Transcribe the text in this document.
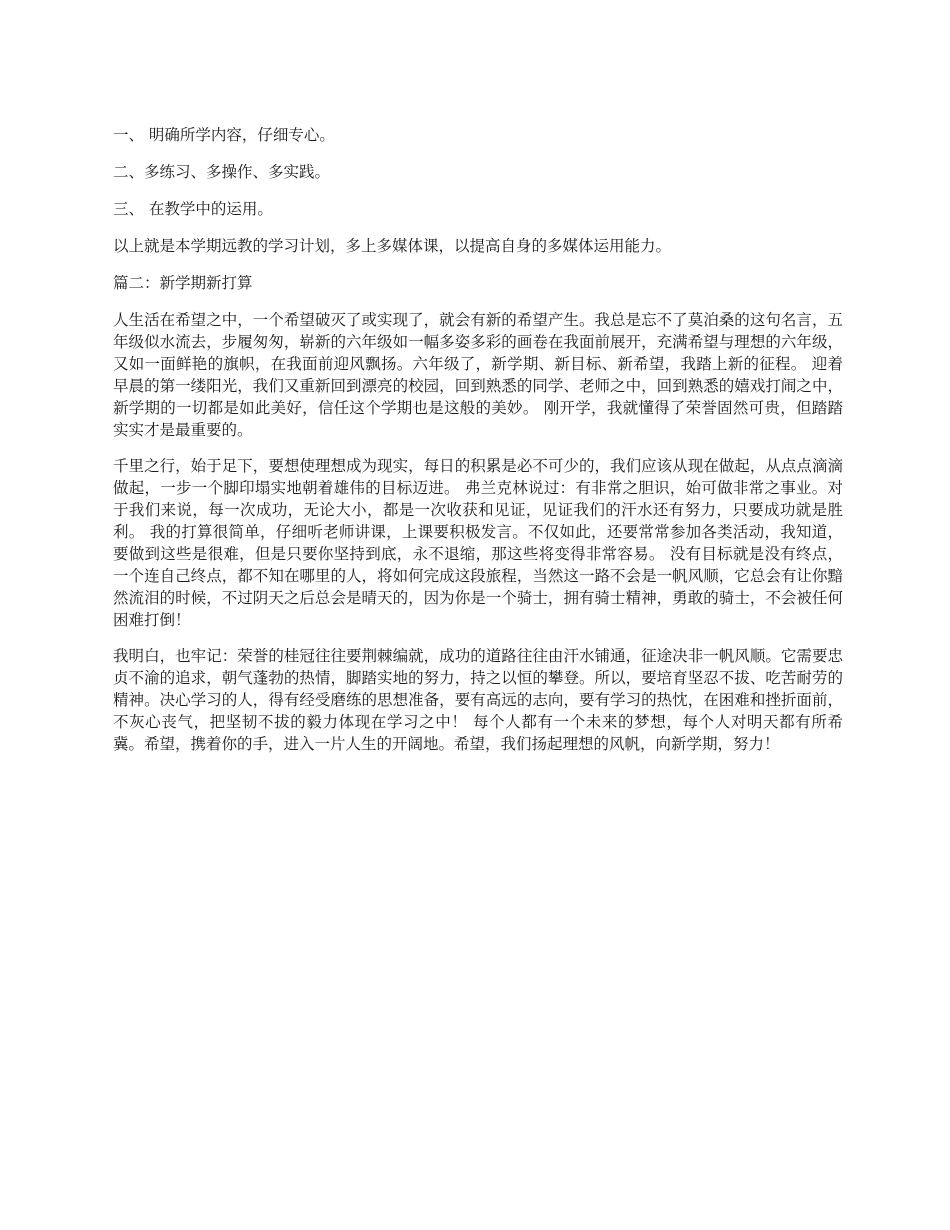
一、 明确所学内容，仔细专心。

二、多练习、多操作、多实践。

三、 在教学中的运用。

以上就是本学期远教的学习计划，多上多媒体课，以提高自身的多媒体运用能力。

篇二：新学期新打算

人生活在希望之中，一个希望破灭了或实现了，就会有新的希望产生。我总是忘不了莫泊桑的这句名言，五年级似水流去，步履匆匆，崭新的六年级如一幅多姿多彩的画卷在我面前展开，充满希望与理想的六年级，又如一面鲜艳的旗帜，在我面前迎风飘扬。六年级了，新学期、新目标、新希望，我踏上新的征程。 迎着早晨的第一缕阳光，我们又重新回到漂亮的校园，回到熟悉的同学、老师之中，回到熟悉的嬉戏打闹之中，新学期的一切都是如此美好，信任这个学期也是这般的美妙。 刚开学，我就懂得了荣誉固然可贵，但踏踏实实才是最重要的。

千里之行，始于足下，要想使理想成为现实，每日的积累是必不可少的，我们应该从现在做起，从点点滴滴做起，一步一个脚印塌实地朝着雄伟的目标迈进。 弗兰克林说过：有非常之胆识，始可做非常之事业。对于我们来说，每一次成功，无论大小，都是一次收获和见证，见证我们的汗水还有努力，只要成功就是胜利。 我的打算很简单，仔细听老师讲课，上课要积极发言。不仅如此，还要常常参加各类活动，我知道，要做到这些是很难，但是只要你坚持到底，永不退缩，那这些将变得非常容易。 没有目标就是没有终点，一个连自己终点，都不知在哪里的人，将如何完成这段旅程，当然这一路不会是一帆风顺，它总会有让你黯然流泪的时候，不过阴天之后总会是晴天的，因为你是一个骑士，拥有骑士精神，勇敢的骑士，不会被任何困难打倒！

我明白，也牢记：荣誉的桂冠往往要荆棘编就，成功的道路往往由汗水铺通，征途决非一帆风顺。它需要忠贞不渝的追求，朝气蓬勃的热情，脚踏实地的努力，持之以恒的攀登。所以，要培育坚忍不拔、吃苦耐劳的精神。决心学习的人，得有经受磨练的思想准备，要有高远的志向，要有学习的热忱，在困难和挫折面前，不灰心丧气，把坚韧不拔的毅力体现在学习之中！ 每个人都有一个未来的梦想，每个人对明天都有所希冀。希望，携着你的手，进入一片人生的开阔地。希望，我们扬起理想的风帆，向新学期，努力！
